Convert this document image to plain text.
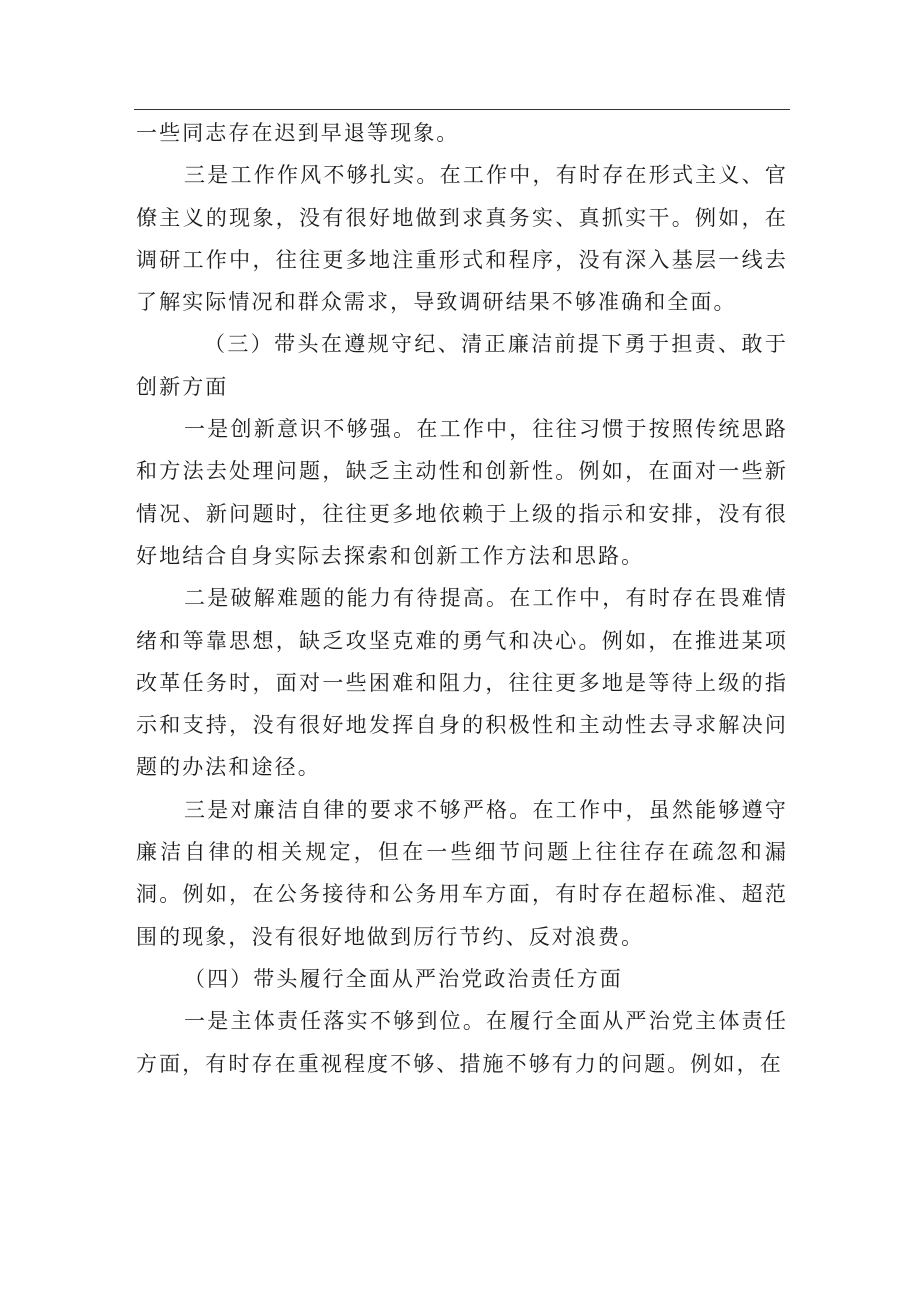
一些同志存在迟到早退等现象。

三是工作作风不够扎实。在工作中，有时存在形式主义、官僚主义的现象，没有很好地做到求真务实、真抓实干。例如，在调研工作中，往往更多地注重形式和程序，没有深入基层一线去了解实际情况和群众需求，导致调研结果不够准确和全面。

（三）带头在遵规守纪、清正廉洁前提下勇于担责、敢于创新方面

一是创新意识不够强。在工作中，往往习惯于按照传统思路和方法去处理问题，缺乏主动性和创新性。例如，在面对一些新情况、新问题时，往往更多地依赖于上级的指示和安排，没有很好地结合自身实际去探索和创新工作方法和思路。

二是破解难题的能力有待提高。在工作中，有时存在畏难情绪和等靠思想，缺乏攻坚克难的勇气和决心。例如，在推进某项改革任务时，面对一些困难和阻力，往往更多地是等待上级的指示和支持，没有很好地发挥自身的积极性和主动性去寻求解决问题的办法和途径。

三是对廉洁自律的要求不够严格。在工作中，虽然能够遵守廉洁自律的相关规定，但在一些细节问题上往往存在疏忽和漏洞。例如，在公务接待和公务用车方面，有时存在超标准、超范围的现象，没有很好地做到厉行节约、反对浪费。

（四）带头履行全面从严治党政治责任方面

一是主体责任落实不够到位。在履行全面从严治党主体责任方面，有时存在重视程度不够、措施不够有力的问题。例如，在
